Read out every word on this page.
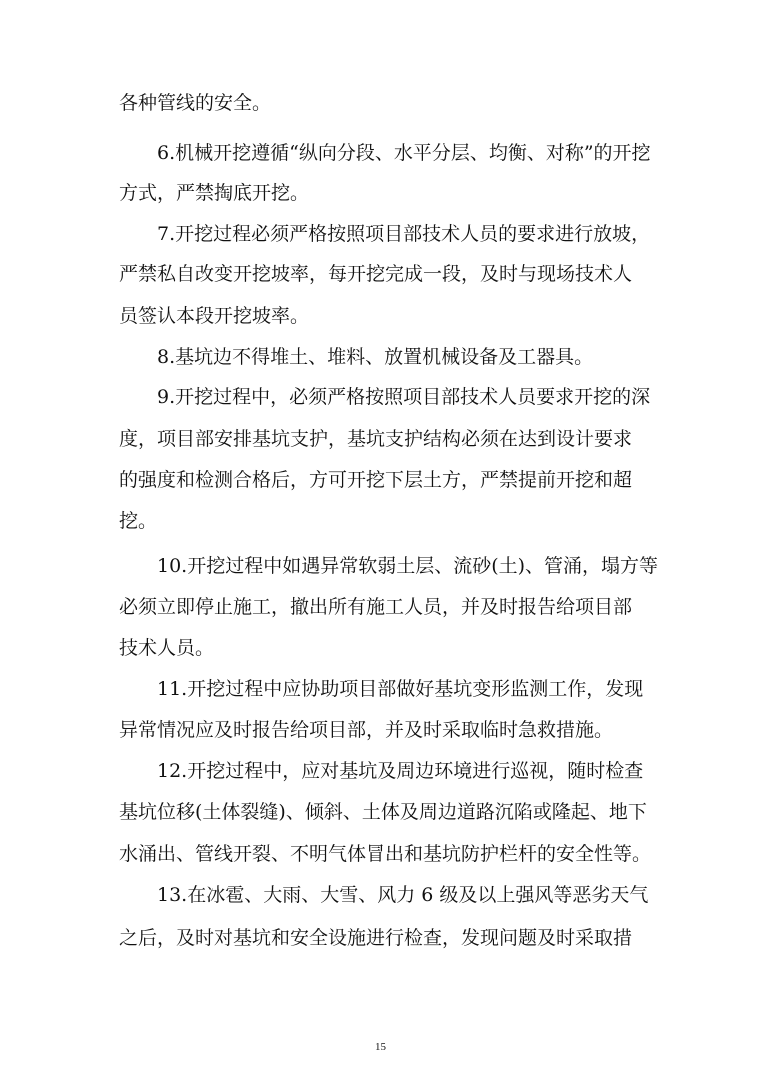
各种管线的安全。
6.机械开挖遵循“纵向分段、水平分层、均衡、对称”的开挖
方式，严禁掏底开挖。
7.开挖过程必须严格按照项目部技术人员的要求进行放坡，
严禁私自改变开挖坡率，每开挖完成一段，及时与现场技术人
员签认本段开挖坡率。
8.基坑边不得堆土、堆料、放置机械设备及工器具。
9.开挖过程中，必须严格按照项目部技术人员要求开挖的深
度，项目部安排基坑支护，基坑支护结构必须在达到设计要求
的强度和检测合格后，方可开挖下层土方，严禁提前开挖和超
挖。
10.开挖过程中如遇异常软弱土层、流砂(土)、管涌，塌方等
必须立即停止施工，撤出所有施工人员，并及时报告给项目部
技术人员。
11.开挖过程中应协助项目部做好基坑变形监测工作，发现
异常情况应及时报告给项目部，并及时采取临时急救措施。
12.开挖过程中，应对基坑及周边环境进行巡视，随时检查
基坑位移(土体裂缝)、倾斜、土体及周边道路沉陷或隆起、地下
水涌出、管线开裂、不明气体冒出和基坑防护栏杆的安全性等。
13.在冰雹、大雨、大雪、风力 6 级及以上强风等恶劣天气
之后，及时对基坑和安全设施进行检查，发现问题及时采取措
15
